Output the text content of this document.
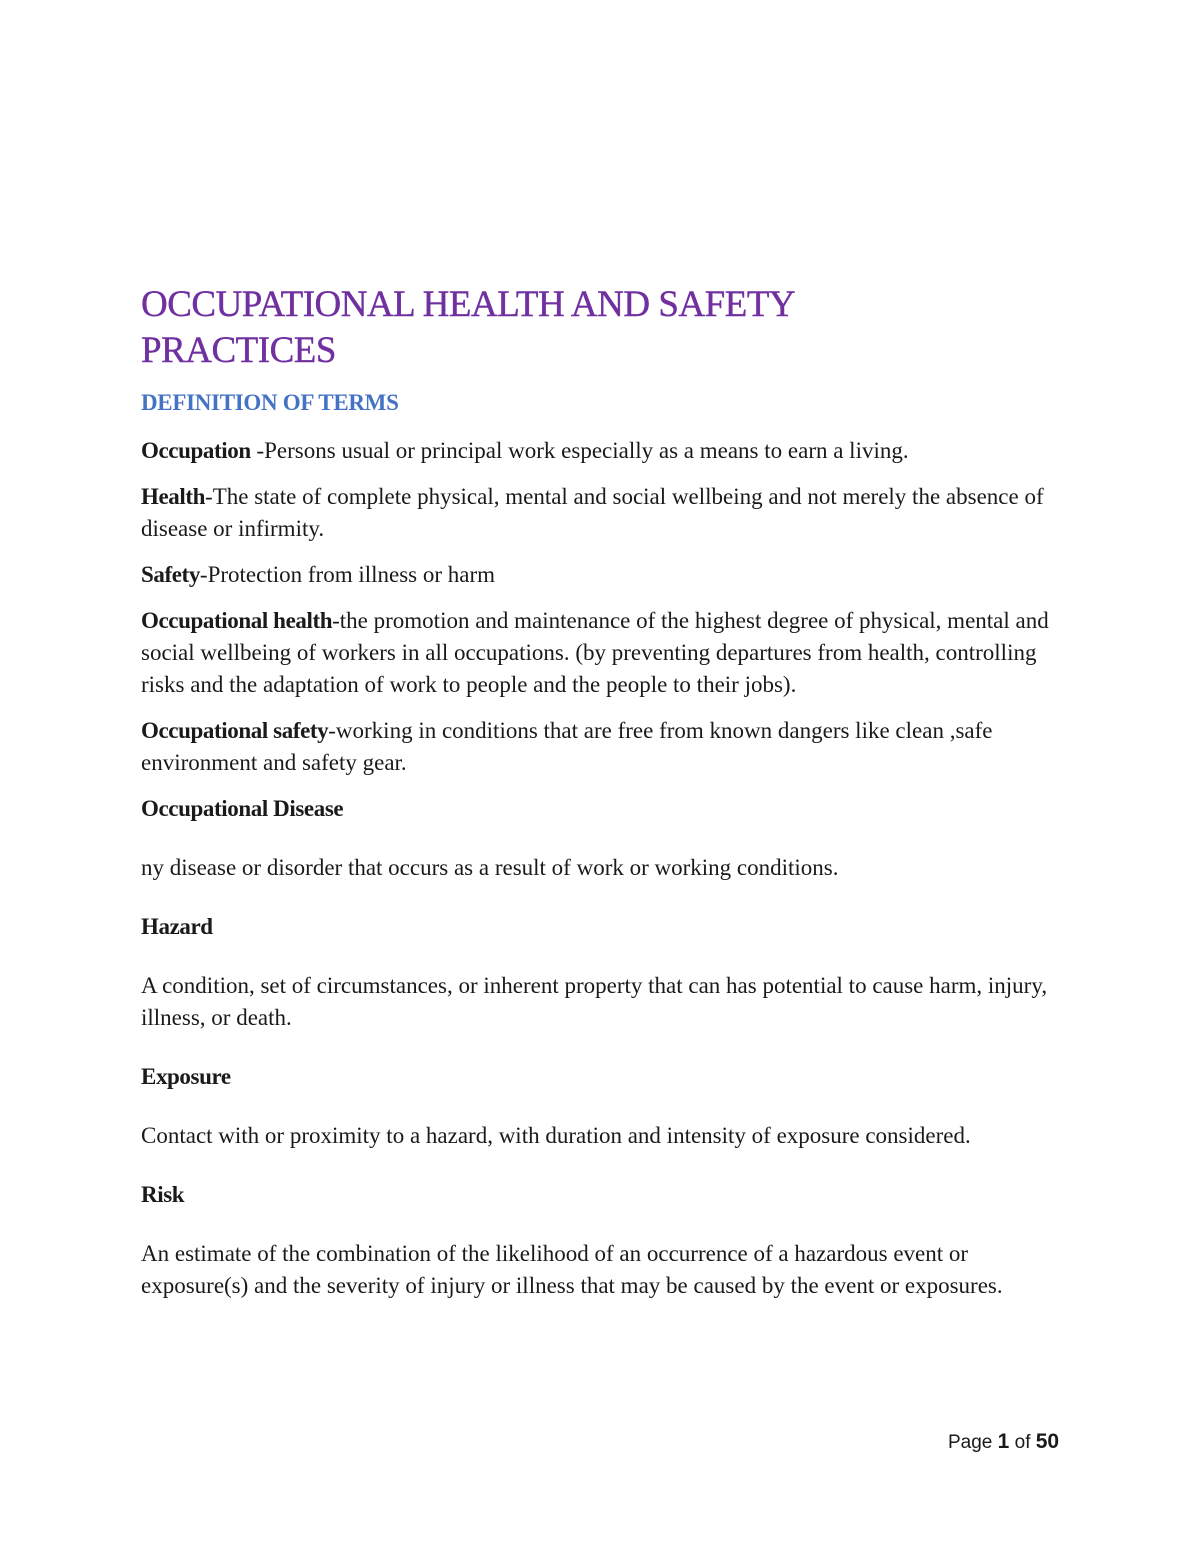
OCCUPATIONAL HEALTH AND SAFETY
PRACTICES
DEFINITION OF TERMS

Occupation -Persons usual or principal work especially as a means to earn a living.

Health-The state of complete physical, mental and social wellbeing and not merely the absence of disease or infirmity.

Safety-Protection from illness or harm

Occupational health-the promotion and maintenance of the highest degree of physical, mental and social wellbeing of workers in all occupations. (by preventing departures from health, controlling risks and the adaptation of work to people and the people to their jobs).

Occupational safety-working in conditions that are free from known dangers like clean ,safe environment and safety gear.

Occupational Disease

ny disease or disorder that occurs as a result of work or working conditions.

Hazard

A condition, set of circumstances, or inherent property that can has potential to cause harm, injury, illness, or death.

Exposure

Contact with or proximity to a hazard, with duration and intensity of exposure considered.

Risk

An estimate of the combination of the likelihood of an occurrence of a hazardous event or exposure(s) and the severity of injury or illness that may be caused by the event or exposures.

Page 1 of 50
